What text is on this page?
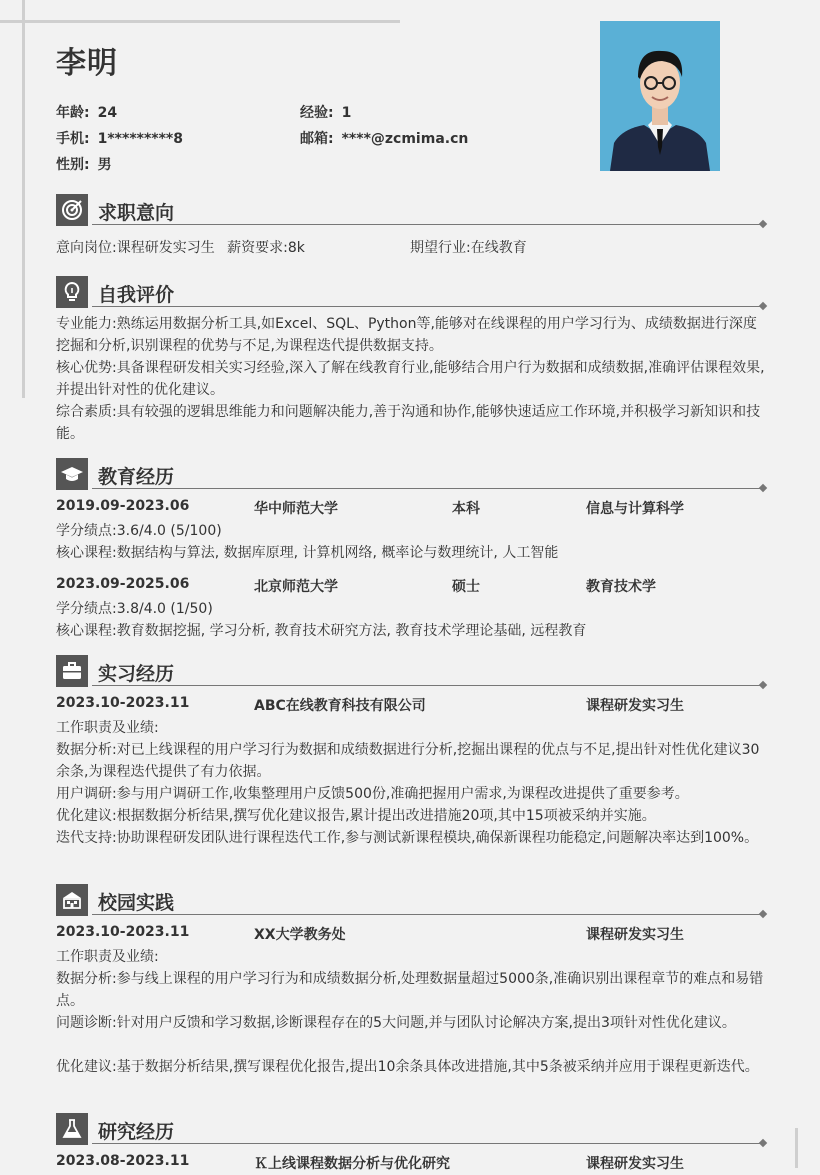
李明
年龄: 24	经验: 1
手机: 1*********8	邮箱: ****@zcmima.cn
性别: 男
求职意向
意向岗位:课程研发实习生 薪资要求:8k	期望行业:在线教育
自我评价
专业能力:熟练运用数据分析工具,如Excel、SQL、Python等,能够对在线课程的用户学习行为、成绩数据进行深度挖掘和分析,识别课程的优势与不足,为课程迭代提供数据支持。
核心优势:具备课程研发相关实习经验,深入了解在线教育行业,能够结合用户行为数据和成绩数据,准确评估课程效果,并提出针对性的优化建议。
综合素质:具有较强的逻辑思维能力和问题解决能力,善于沟通和协作,能够快速适应工作环境,并积极学习新知识和技能。
教育经历
2019.09-2023.06	华中师范大学	本科	信息与计算科学
学分绩点:3.6/4.0 (5/100)
核心课程:数据结构与算法, 数据库原理, 计算机网络, 概率论与数理统计, 人工智能
2023.09-2025.06	北京师范大学	硕士	教育技术学
学分绩点:3.8/4.0 (1/50)
核心课程:教育数据挖掘, 学习分析, 教育技术研究方法, 教育技术学理论基础, 远程教育
实习经历
2023.10-2023.11	ABC在线教育科技有限公司	课程研发实习生
工作职责及业绩:
数据分析:对已上线课程的用户学习行为数据和成绩数据进行分析,挖掘出课程的优点与不足,提出针对性优化建议30余条,为课程迭代提供了有力依据。
用户调研:参与用户调研工作,收集整理用户反馈500份,准确把握用户需求,为课程改进提供了重要参考。
优化建议:根据数据分析结果,撰写优化建议报告,累计提出改进措施20项,其中15项被采纳并实施。
迭代支持:协助课程研发团队进行课程迭代工作,参与测试新课程模块,确保新课程功能稳定,问题解决率达到100%。
校园实践
2023.10-2023.11	XX大学教务处	课程研发实习生
工作职责及业绩:
数据分析:参与线上课程的用户学习行为和成绩数据分析,处理数据量超过5000条,准确识别出课程章节的难点和易错点。
问题诊断:针对用户反馈和学习数据,诊断课程存在的5大问题,并与团队讨论解决方案,提出3项针对性优化建议。
优化建议:基于数据分析结果,撰写课程优化报告,提出10余条具体改进措施,其中5条被采纳并应用于课程更新迭代。
研究经历
2023.08-2023.11	Ｋ上线课程数据分析与优化研究	课程研发实习生
